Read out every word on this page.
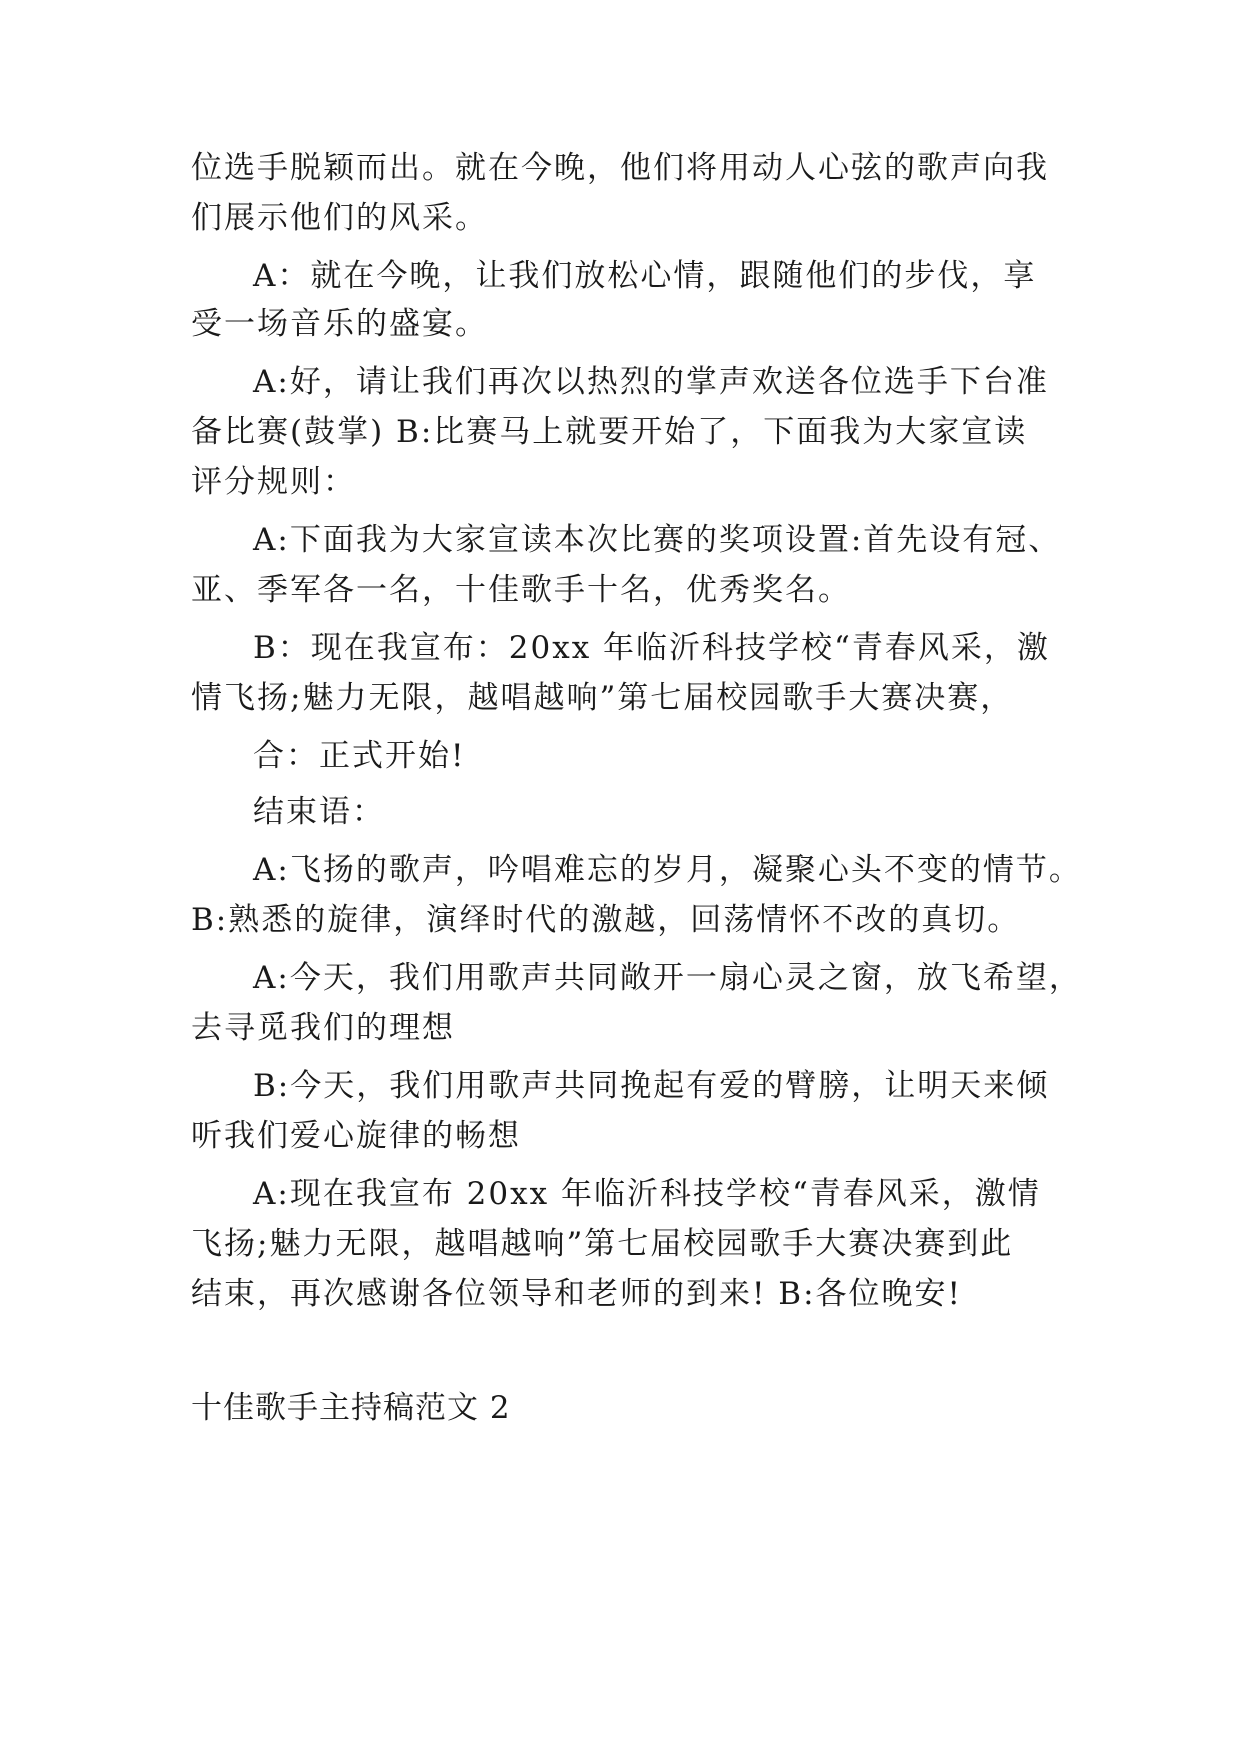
位选手脱颖而出。就在今晚，他们将用动人心弦的歌声向我
们展示他们的风采。
A：就在今晚，让我们放松心情，跟随他们的步伐，享
受一场音乐的盛宴。
A:好，请让我们再次以热烈的掌声欢送各位选手下台准
备比赛(鼓掌) B:比赛马上就要开始了，下面我为大家宣读
评分规则：
A:下面我为大家宣读本次比赛的奖项设置:首先设有冠、
亚、季军各一名，十佳歌手十名，优秀奖名。
B：现在我宣布：20xx 年临沂科技学校“青春风采，激
情飞扬;魅力无限，越唱越响”第七届校园歌手大赛决赛，
合：正式开始!
结束语：
A:飞扬的歌声，吟唱难忘的岁月，凝聚心头不变的情节。
B:熟悉的旋律，演绎时代的激越，回荡情怀不改的真切。
A:今天，我们用歌声共同敞开一扇心灵之窗，放飞希望，
去寻觅我们的理想
B:今天，我们用歌声共同挽起有爱的臂膀，让明天来倾
听我们爱心旋律的畅想
A:现在我宣布 20xx 年临沂科技学校“青春风采，激情
飞扬;魅力无限，越唱越响”第七届校园歌手大赛决赛到此
结束，再次感谢各位领导和老师的到来! B:各位晚安!
十佳歌手主持稿范文 2
